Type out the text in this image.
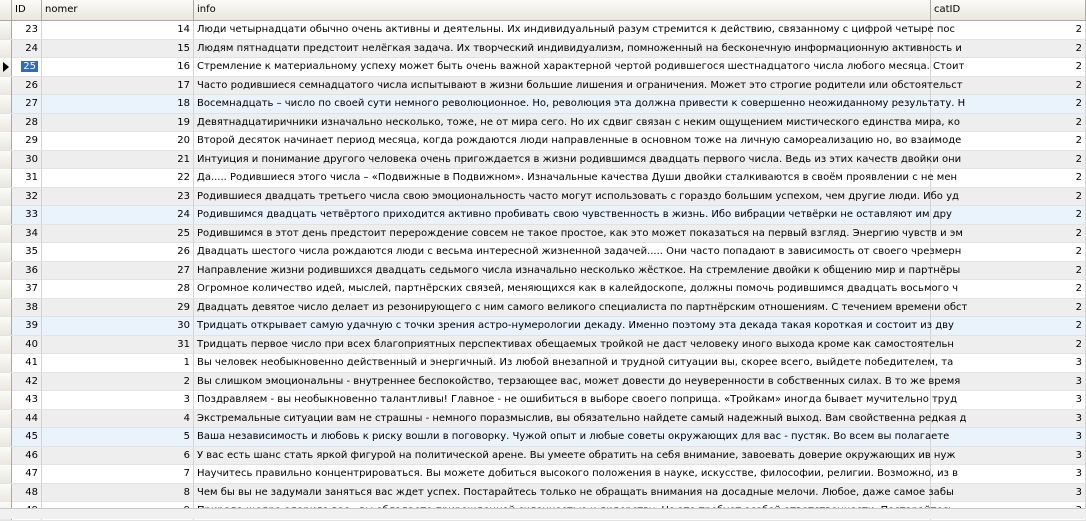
ID	nomer	info	catID
23	14 Люди четырнадцати обычно очень активны и деятельны. Их индивидуальный разум стремится к действию, связанному с цифрой четыре пос	2
24	15 Людям пятнадцати предстоит нелёгкая задача. Их творческий индивидуализм, помноженный на бесконечную информационную активность и	2
25	16 Стремление к материальному успеху может быть очень важной характерной чертой родившегося шестнадцатого числа любого месяца. Стоит	2
26	17 Часто родившиеся семнадцатого числа испытывают в жизни большие лишения и ограничения. Может это строгие родители или обстоятельст	2
27	18 Восемнадцать – число по своей сути немного революционное. Но, революция эта должна привести к совершенно неожиданному результату. Н	2
28	19 Девятнадцатиричники изначально несколько, тоже, не от мира сего. Но их сдвиг связан с неким ощущением мистического единства мира, ко	2
29	20 Второй десяток начинает период месяца, когда рождаются люди направленные в основном тоже на личную самореализацию но, во взаимоде	2
30	21 Интуиция и понимание другого человека очень пригождается в жизни родившимся двадцать первого числа. Ведь из этих качеств двойки они	2
31	22 Да..... Родившиеся этого числа – «Подвижные в Подвижном». Изначальные качества Души двойки сталкиваются в своём проявлении с не мен	2
32	23 Родившиеся двадцать третьего числа свою эмоциональность часто могут использовать с гораздо большим успехом, чем другие люди. Ибо уд	2
33	24 Родившимся двадцать четвёртого приходится активно пробивать свою чувственность в жизнь. Ибо вибрации четвёрки не оставляют им дру	2
34	25 Родившимся в этот день предстоит перерождение совсем не такое простое, как это может показаться на первый взгляд. Энергию чувств и эм	2
35	26 Двадцать шестого числа рождаются люди с весьма интересной жизненной задачей..... Они часто попадают в зависимость от своего чрезмерн	2
36	27 Направление жизни родившихся двадцать седьмого числа изначально несколько жёсткое. На стремление двойки к общению мир и партнёры	2
37	28 Огромное количество идей, мыслей, партнёрских связей, меняющихся как в калейдоскопе, должны помочь родившимся двадцать восьмого ч	2
38	29 Двадцать девятое число делает из резонирующего с ним самого великого специалиста по партнёрским отношениям. С течением времени обст	2
39	30 Тридцать открывает самую удачную с точки зрения астро-нумерологии декаду. Именно поэтому эта декада такая короткая и состоит из дву	2
40	31 Тридцать первое число при всех благоприятных перспективах обещаемых тройкой не даст человеку иного выхода кроме как самостоятельн	2
41	1 Вы человек необыкновенно действенный и энергичный. Из любой внезапной и трудной ситуации вы, скорее всего, выйдете победителем, та	3
42	2 Вы слишком эмоциональны - внутреннее беспокойство, терзающее вас, может довести до неуверенности в собственных силах. В то же время	3
43	3 Поздравляем - вы необыкновенно талантливы! Главное - не ошибиться в выборе своего поприща. «Тройкам» иногда бывает мучительно труд	3
44	4 Экстремальные ситуации вам не страшны - немного поразмыслив, вы обязательно найдете самый надежный выход. Вам свойственна редкая д	3
45	5 Ваша независимость и любовь к риску вошли в поговорку. Чужой опыт и любые советы окружающих для вас - пустяк. Во всем вы полагаете	3
46	6 У вас есть шанс стать яркой фигурой на политической арене. Вы умеете обратить на себя внимание, завоевать доверие окружающих ив нуж	3
47	7 Научитесь правильно концентрироваться. Вы можете добиться высокого положения в науке, искусстве, философии, религии. Возможно, из в	3
48	8 Чем бы вы не задумали заняться вас ждет успех. Постарайтесь только не обращать внимания на досадные мелочи. Любое, даже самое забы	3
